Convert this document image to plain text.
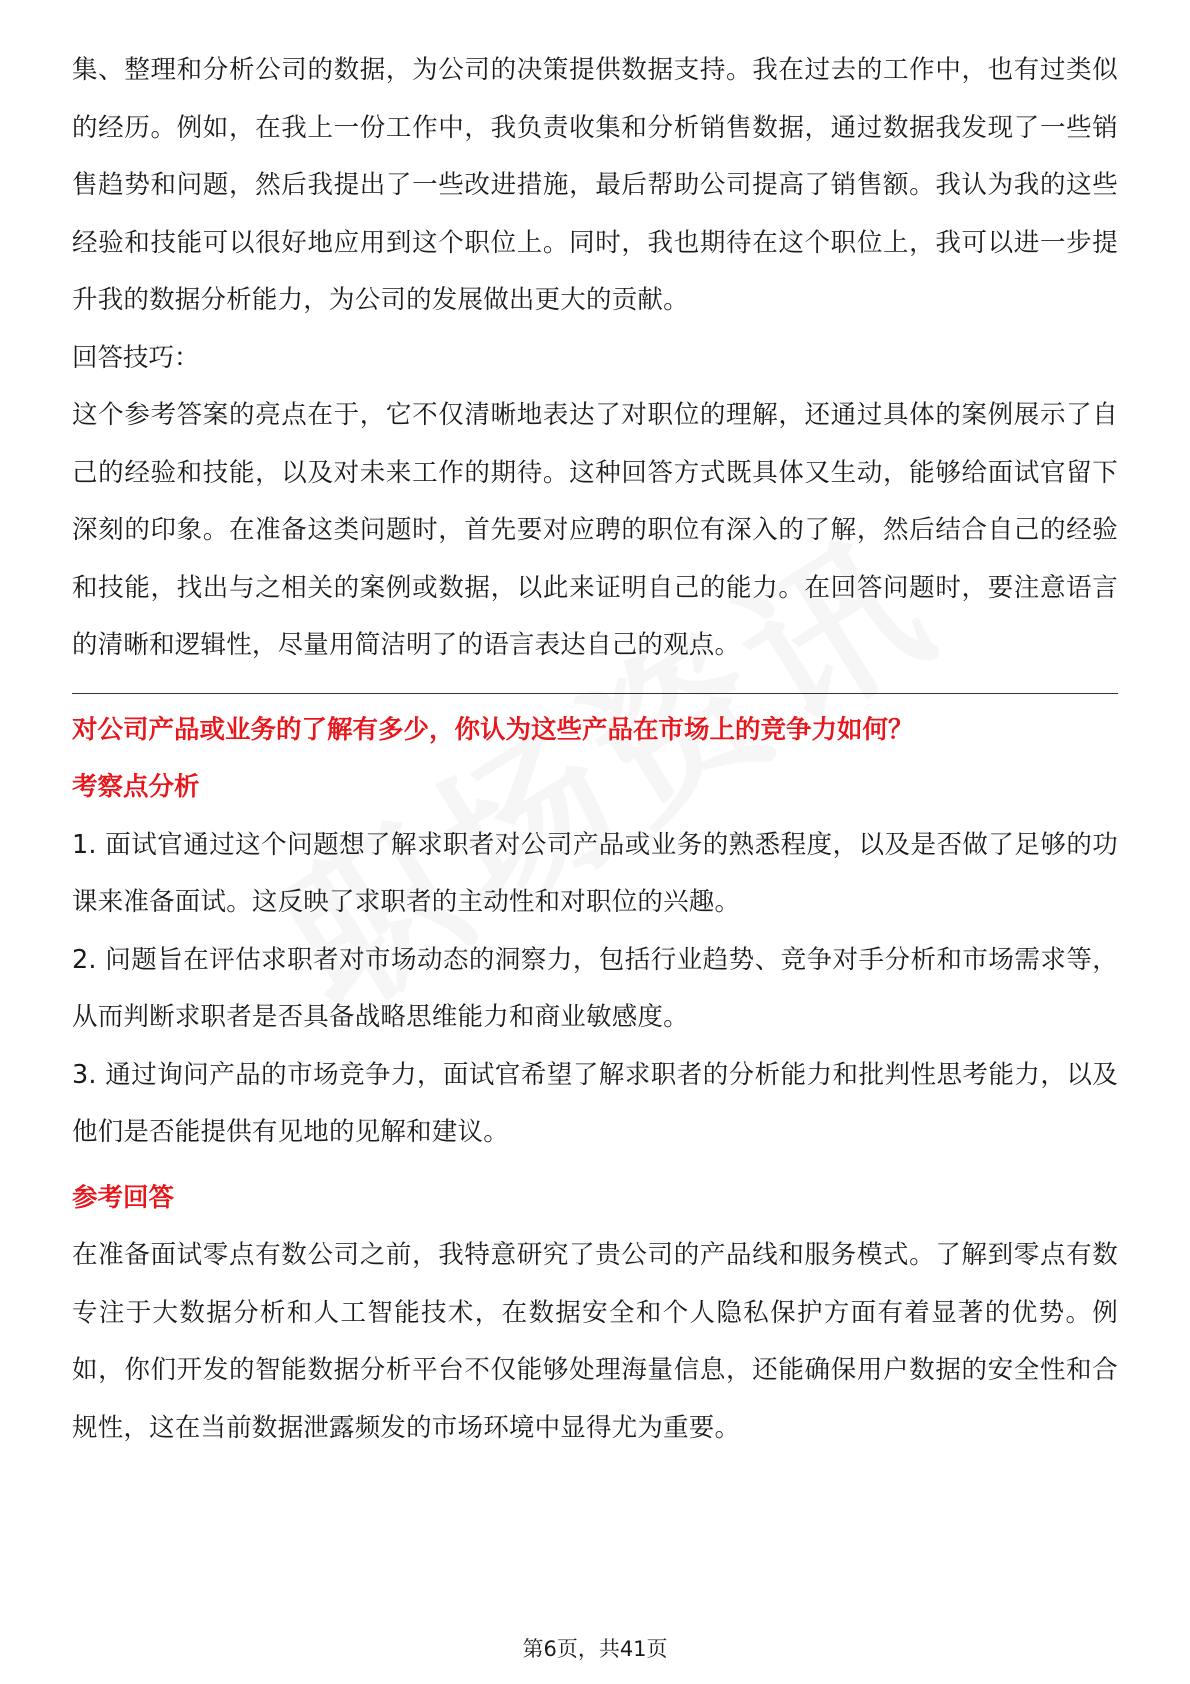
集、整理和分析公司的数据，为公司的决策提供数据支持。我在过去的工作中，也有过类似的经历。例如，在我上一份工作中，我负责收集和分析销售数据，通过数据我发现了一些销售趋势和问题，然后我提出了一些改进措施，最后帮助公司提高了销售额。我认为我的这些经验和技能可以很好地应用到这个职位上。同时，我也期待在这个职位上，我可以进一步提升我的数据分析能力，为公司的发展做出更大的贡献。

回答技巧：

这个参考答案的亮点在于，它不仅清晰地表达了对职位的理解，还通过具体的案例展示了自己的经验和技能，以及对未来工作的期待。这种回答方式既具体又生动，能够给面试官留下深刻的印象。在准备这类问题时，首先要对应聘的职位有深入的了解，然后结合自己的经验和技能，找出与之相关的案例或数据，以此来证明自己的能力。在回答问题时，要注意语言的清晰和逻辑性，尽量用简洁明了的语言表达自己的观点。

对公司产品或业务的了解有多少，你认为这些产品在市场上的竞争力如何？

考察点分析

1. 面试官通过这个问题想了解求职者对公司产品或业务的熟悉程度，以及是否做了足够的功课来准备面试。这反映了求职者的主动性和对职位的兴趣。

2. 问题旨在评估求职者对市场动态的洞察力，包括行业趋势、竞争对手分析和市场需求等，从而判断求职者是否具备战略思维能力和商业敏感度。

3. 通过询问产品的市场竞争力，面试官希望了解求职者的分析能力和批判性思考能力，以及他们是否能提供有见地的见解和建议。

参考回答

在准备面试零点有数公司之前，我特意研究了贵公司的产品线和服务模式。了解到零点有数专注于大数据分析和人工智能技术，在数据安全和个人隐私保护方面有着显著的优势。例如，你们开发的智能数据分析平台不仅能够处理海量信息，还能确保用户数据的安全性和合规性，这在当前数据泄露频发的市场环境中显得尤为重要。

第6页，共41页
